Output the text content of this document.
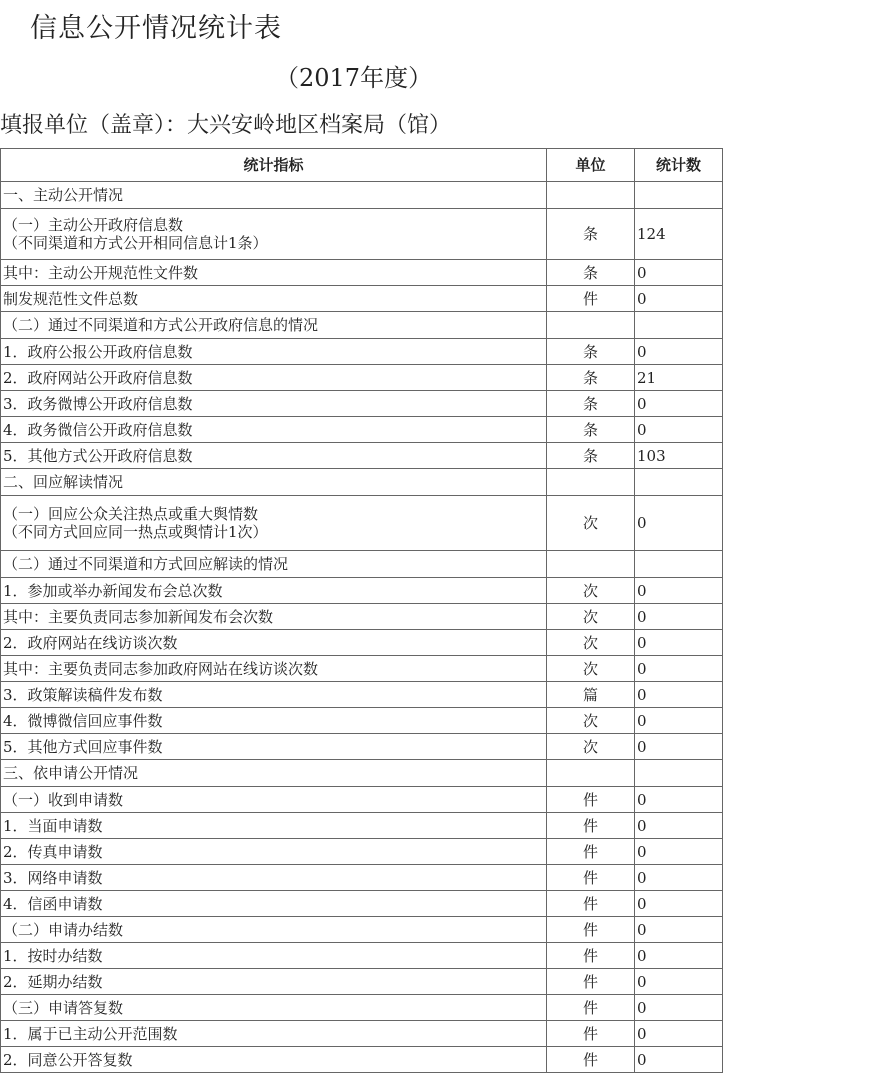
信息公开情况统计表
（2017年度）
填报单位（盖章）：大兴安岭地区档案局（馆）
统计指标	单位	统计数

一、主动公开情况		

（一）主动公开政府信息数
（不同渠道和方式公开相同信息计1条）	条	124

其中：主动公开规范性文件数	条	0

制发规范性文件总数	件	0

（二）通过不同渠道和方式公开政府信息的情况		

1．政府公报公开政府信息数	条	0

2．政府网站公开政府信息数	条	21

3．政务微博公开政府信息数	条	0

4．政务微信公开政府信息数	条	0

5．其他方式公开政府信息数	条	103

二、回应解读情况		

（一）回应公众关注热点或重大舆情数
（不同方式回应同一热点或舆情计1次）	次	0

（二）通过不同渠道和方式回应解读的情况		

1．参加或举办新闻发布会总次数	次	0

其中：主要负责同志参加新闻发布会次数	次	0

2．政府网站在线访谈次数	次	0

其中：主要负责同志参加政府网站在线访谈次数	次	0

3．政策解读稿件发布数	篇	0

4．微博微信回应事件数	次	0

5．其他方式回应事件数	次	0

三、依申请公开情况		

（一）收到申请数	件	0

1．当面申请数	件	0

2．传真申请数	件	0

3．网络申请数	件	0

4．信函申请数	件	0

（二）申请办结数	件	0

1．按时办结数	件	0

2．延期办结数	件	0

（三）申请答复数	件	0

1．属于已主动公开范围数	件	0

2．同意公开答复数	件	0
